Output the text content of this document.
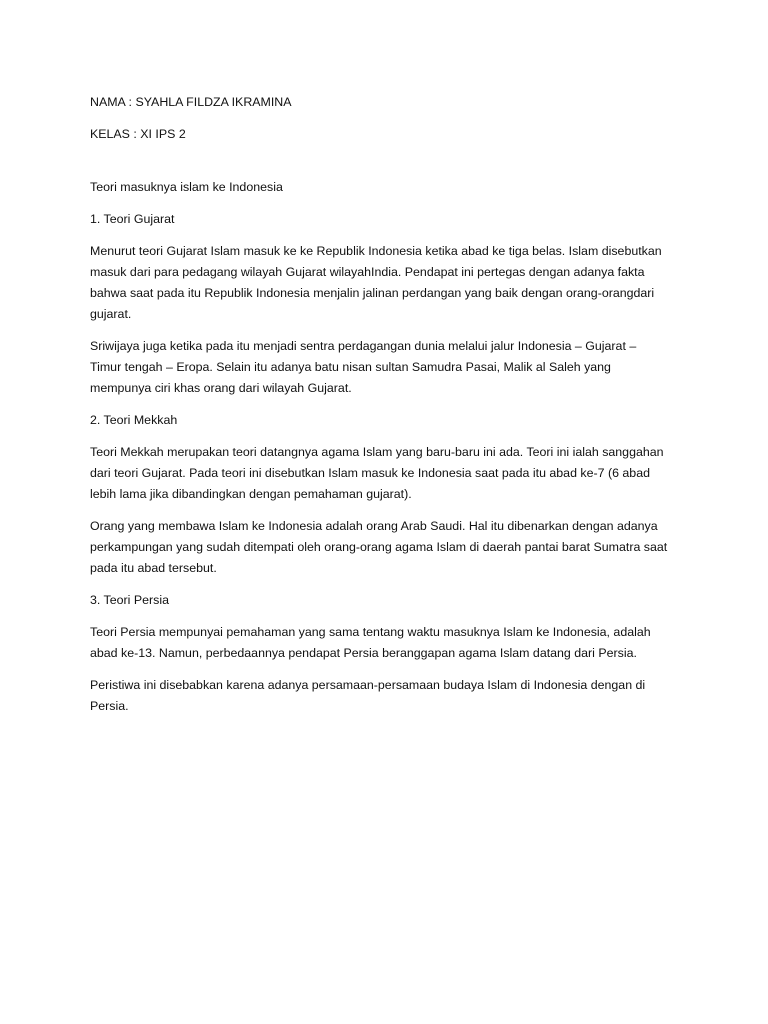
NAMA : SYAHLA FILDZA IKRAMINA

KELAS : XI IPS 2

Teori masuknya islam ke Indonesia

1. Teori Gujarat

Menurut teori Gujarat Islam masuk ke ke Republik Indonesia ketika abad ke tiga belas. Islam disebutkan masuk dari para pedagang wilayah Gujarat wilayahIndia. Pendapat ini pertegas dengan adanya fakta bahwa saat pada itu Republik Indonesia menjalin jalinan perdangan yang baik dengan orang-orangdari gujarat.

Sriwijaya juga ketika pada itu menjadi sentra perdagangan dunia melalui jalur Indonesia – Gujarat – Timur tengah – Eropa. Selain itu adanya batu nisan sultan Samudra Pasai, Malik al Saleh yang mempunya ciri khas orang dari wilayah Gujarat.

2. Teori Mekkah

Teori Mekkah merupakan teori datangnya agama Islam yang baru-baru ini ada. Teori ini ialah sanggahan dari teori Gujarat. Pada teori ini disebutkan Islam masuk ke Indonesia saat pada itu abad ke-7 (6 abad lebih lama jika dibandingkan dengan pemahaman gujarat).

Orang yang membawa Islam ke Indonesia adalah orang Arab Saudi. Hal itu dibenarkan dengan adanya perkampungan yang sudah ditempati oleh orang-orang agama Islam di daerah pantai barat Sumatra saat pada itu abad tersebut.

3. Teori Persia

Teori Persia mempunyai pemahaman yang sama tentang waktu masuknya Islam ke Indonesia, adalah abad ke-13. Namun, perbedaannya pendapat Persia beranggapan agama Islam datang dari Persia.

Peristiwa ini disebabkan karena adanya persamaan-persamaan budaya Islam di Indonesia dengan di Persia.
